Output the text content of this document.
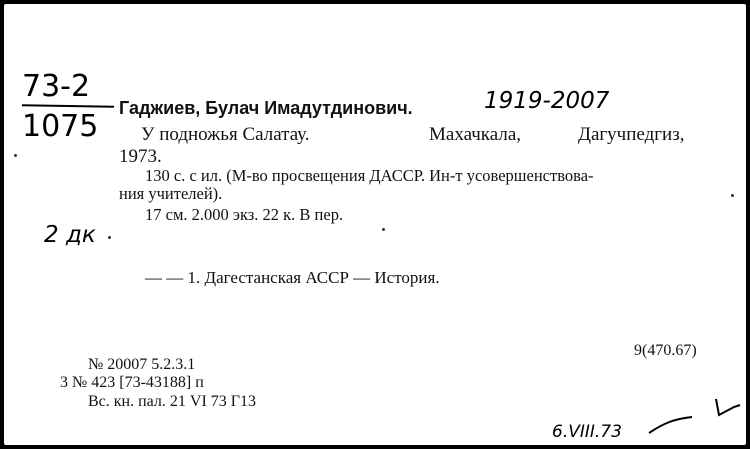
73-2
1075
Гаджиев, Булач Имадутдинович.	1919-2007
У подножья Салатау.	Махачкала,	Дагучпедгиз,
1973.
130 с. с ил. (М-во просвещения ДАССР. Ин-т усовершенствова-
ния учителей).
17 см. 2.000 экз. 22 к. В пер.
2 дк
— — 1. Дагестанская АССР — История.
9(470.67)
№ 20007 5.2.3.1
3 № 423 [73-43188] п
Вс. кн. пал. 21 VI 73 Г13
6.VIII.73
